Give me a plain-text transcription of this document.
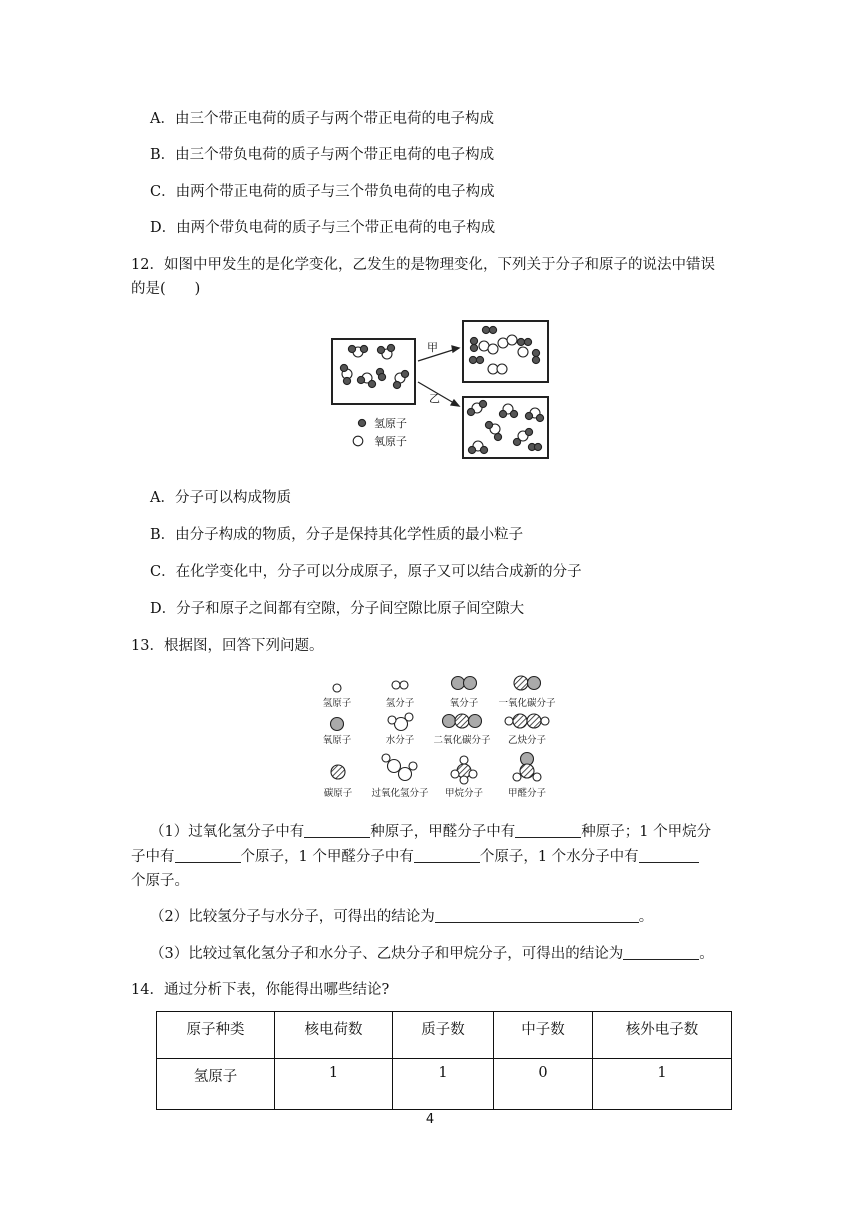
A．由三个带正电荷的质子与两个带正电荷的电子构成
B．由三个带负电荷的质子与两个带正电荷的电子构成
C．由两个带正电荷的质子与三个带负电荷的电子构成
D．由两个带负电荷的质子与三个带正电荷的电子构成
12．如图中甲发生的是化学变化，乙发生的是物理变化，下列关于分子和原子的说法中错误
的是(　　)
甲
乙
氢原子
氧原子
A．分子可以构成物质
B．由分子构成的物质，分子是保持其化学性质的最小粒子
C．在化学变化中，分子可以分成原子，原子又可以结合成新的分子
D．分子和原子之间都有空隙，分子间空隙比原子间空隙大
13．根据图，回答下列问题。
氢原子	氢分子	氧分子 一氧化碳分子
氧原子	水分子 二氧化碳分子 乙炔分子
碳原子 过氧化氢分子 甲烷分子	甲醛分子
（1）过氧化氢分子中有	种原子，甲醛分子中有	种原子；1 个甲烷分
子中有	个原子，1 个甲醛分子中有	个原子，1 个水分子中有
个原子。
（2）比较氢分子与水分子，可得出的结论为	。
（3）比较过氧化氢分子和水分子、乙炔分子和甲烷分子，可得出的结论为	。
14．通过分析下表，你能得出哪些结论?
原子种类	核电荷数	质子数	中子数	核外电子数
氢原子	1	1	0	1
4
